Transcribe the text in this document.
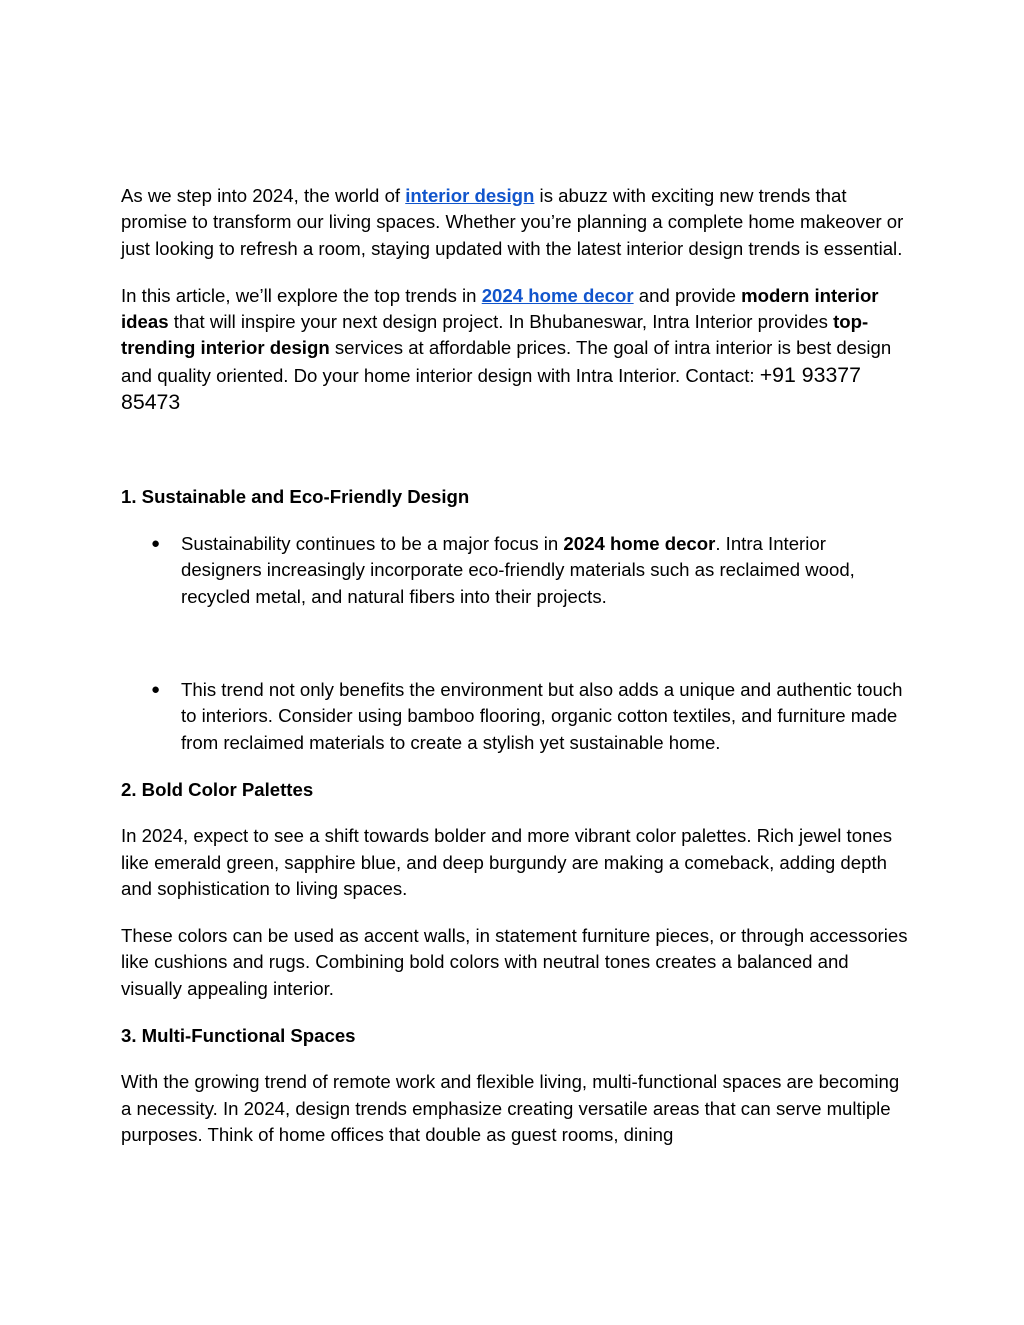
As we step into 2024, the world of interior design is abuzz with exciting new trends that promise to transform our living spaces. Whether you’re planning a complete home makeover or just looking to refresh a room, staying updated with the latest interior design trends is essential.

In this article, we’ll explore the top trends in 2024 home decor and provide modern interior ideas that will inspire your next design project. In Bhubaneswar, Intra Interior provides top-trending interior design services at affordable prices. The goal of intra interior is best design and quality oriented. Do your home interior design with Intra Interior. Contact: +91 93377 85473

1. Sustainable and Eco-Friendly Design

● Sustainability continues to be a major focus in 2024 home decor. Intra Interior designers increasingly incorporate eco-friendly materials such as reclaimed wood, recycled metal, and natural fibers into their projects.
● This trend not only benefits the environment but also adds a unique and authentic touch to interiors. Consider using bamboo flooring, organic cotton textiles, and furniture made from reclaimed materials to create a stylish yet sustainable home.

2. Bold Color Palettes

In 2024, expect to see a shift towards bolder and more vibrant color palettes. Rich jewel tones like emerald green, sapphire blue, and deep burgundy are making a comeback, adding depth and sophistication to living spaces.

These colors can be used as accent walls, in statement furniture pieces, or through accessories like cushions and rugs. Combining bold colors with neutral tones creates a balanced and visually appealing interior.

3. Multi-Functional Spaces

With the growing trend of remote work and flexible living, multi-functional spaces are becoming a necessity. In 2024, design trends emphasize creating versatile areas that can serve multiple purposes. Think of home offices that double as guest rooms, dining
